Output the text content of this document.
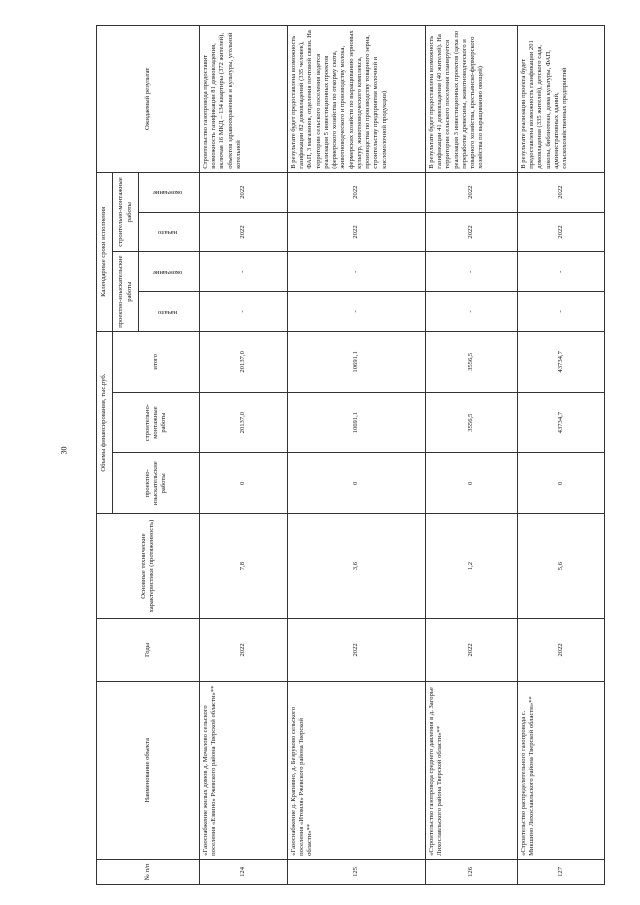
30
№ п/п	Наименование объекта	Годы	Основные технические характеристики (протяженность)	Объемы финансирования, тыс.руб.			Календарные сроки исполнения				Ожидаемый результат
				проектно-изыскательские работы	строительно-монтажные работы	итого	проектно-изыскательские работы		строительно-монтажные работы		
							начало	окончание	начало	окончание	
124	«Газоснабжение жилых домов д. Мочалово сельского поселения «Езвино» Ржевского района Тверской области»**	2022	7,8	0	20137,0	20137,0	-	-	2022	2022	Строительство газопровода предоставит возможность газификации 81 домовладения, включая 16 МКД – 134 квартиры (372 жителей), объектов здравоохранения и культуры, угольной котельной
125	«Газоснабжение д. Крапивно, д. Безруково сельского поселения «Итомля» Ржевского района Тверской области»**	2022	3,6	0	10691,1	10691,1	-	-	2022	2022	В результате будет предоставлена возможность газификации 82 домовладений (335 человек), ФАП, 3 магазинов, отделения почтовой связи. На территории сельского поселения ведется реализация 5 инвестиционных проектов (фермерского хозяйства по откорму скота, животноводческого и производству молока, фермерских хозяйств по выращиванию зерновых культур, животноводческого комплекса, производства по производству товарного зерна, строительству предприятия молочной и кисломолочной продукции)
126	«Строительство газопровода среднего давления в д. Загорье Лихославльского района Тверской области»**	2022	1,2	0	3556,5	3556,5	-	-	2022	2022	В результате будет предоставлена возможность газификации 41 домовладения (40 жителей). На территории сельского поселения планируется реализация 3 инвестиционных проектов (цеха по переработке древесины, животноводческого и товарного хозяйства, крестьянско-фермерского хозяйства по выращиванию овощей)
127	«Строительство распределительного газопровода с. Микшино Лихославльского района Тверской области»**	2022	5,6	0	43734,7	43734,7	-	-	2022	2022	В результате реализации проекта будет предоставлена возможность газификации 201 домовладения (335 жителей), детского сада, школы, библиотеки, дома культуры, ФАП, административных зданий, сельскохозяйственных предприятий
